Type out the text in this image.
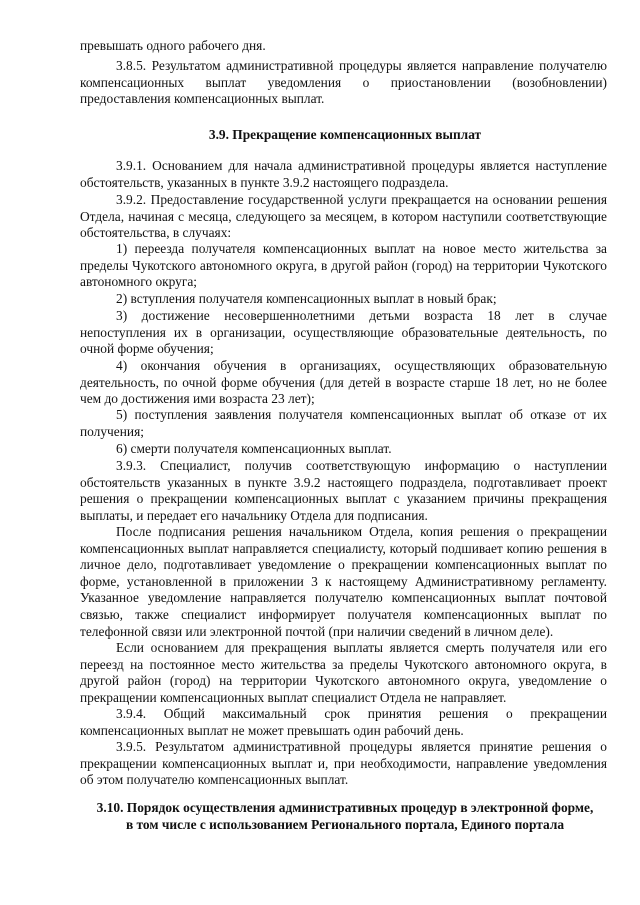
превышать одного рабочего дня.

3.8.5. Результатом административной процедуры является направление получателю компенсационных выплат уведомления о приостановлении (возобновлении) предоставления компенсационных выплат.

3.9. Прекращение компенсационных выплат

3.9.1. Основанием для начала административной процедуры является наступление обстоятельств, указанных в пункте 3.9.2 настоящего подраздела.

3.9.2. Предоставление государственной услуги прекращается на основании решения Отдела, начиная с месяца, следующего за месяцем, в котором наступили соответствующие обстоятельства, в случаях:

1) переезда получателя компенсационных выплат на новое место жительства за пределы Чукотского автономного округа, в другой район (город) на территории Чукотского автономного округа;

2) вступления получателя компенсационных выплат в новый брак;

3) достижение несовершеннолетними детьми возраста 18 лет в случае непоступления их в организации, осуществляющие образовательные деятельность, по очной форме обучения;

4) окончания обучения в организациях, осуществляющих образовательную деятельность, по очной форме обучения (для детей в возрасте старше 18 лет, но не более чем до достижения ими возраста 23 лет);

5) поступления заявления получателя компенсационных выплат об отказе от их получения;

6) смерти получателя компенсационных выплат.

3.9.3. Специалист, получив соответствующую информацию о наступлении обстоятельств указанных в пункте 3.9.2 настоящего подраздела, подготавливает проект решения о прекращении компенсационных выплат с указанием причины прекращения выплаты, и передает его начальнику Отдела для подписания.

После подписания решения начальником Отдела, копия решения о прекращении компенсационных выплат направляется специалисту, который подшивает копию решения в личное дело, подготавливает уведомление о прекращении компенсационных выплат по форме, установленной в приложении 3 к настоящему Административному регламенту. Указанное уведомление направляется получателю компенсационных выплат почтовой связью, также специалист информирует получателя компенсационных выплат по телефонной связи или электронной почтой (при наличии сведений в личном деле).

Если основанием для прекращения выплаты является смерть получателя или его переезд на постоянное место жительства за пределы Чукотского автономного округа, в другой район (город) на территории Чукотского автономного округа, уведомление о прекращении компенсационных выплат специалист Отдела не направляет.

3.9.4. Общий максимальный срок принятия решения о прекращении компенсационных выплат не может превышать один рабочий день.

3.9.5. Результатом административной процедуры является принятие решения о прекращении компенсационных выплат и, при необходимости, направление уведомления об этом получателю компенсационных выплат.

3.10. Порядок осуществления административных процедур в электронной форме,

в том числе с использованием Регионального портала, Единого портала
